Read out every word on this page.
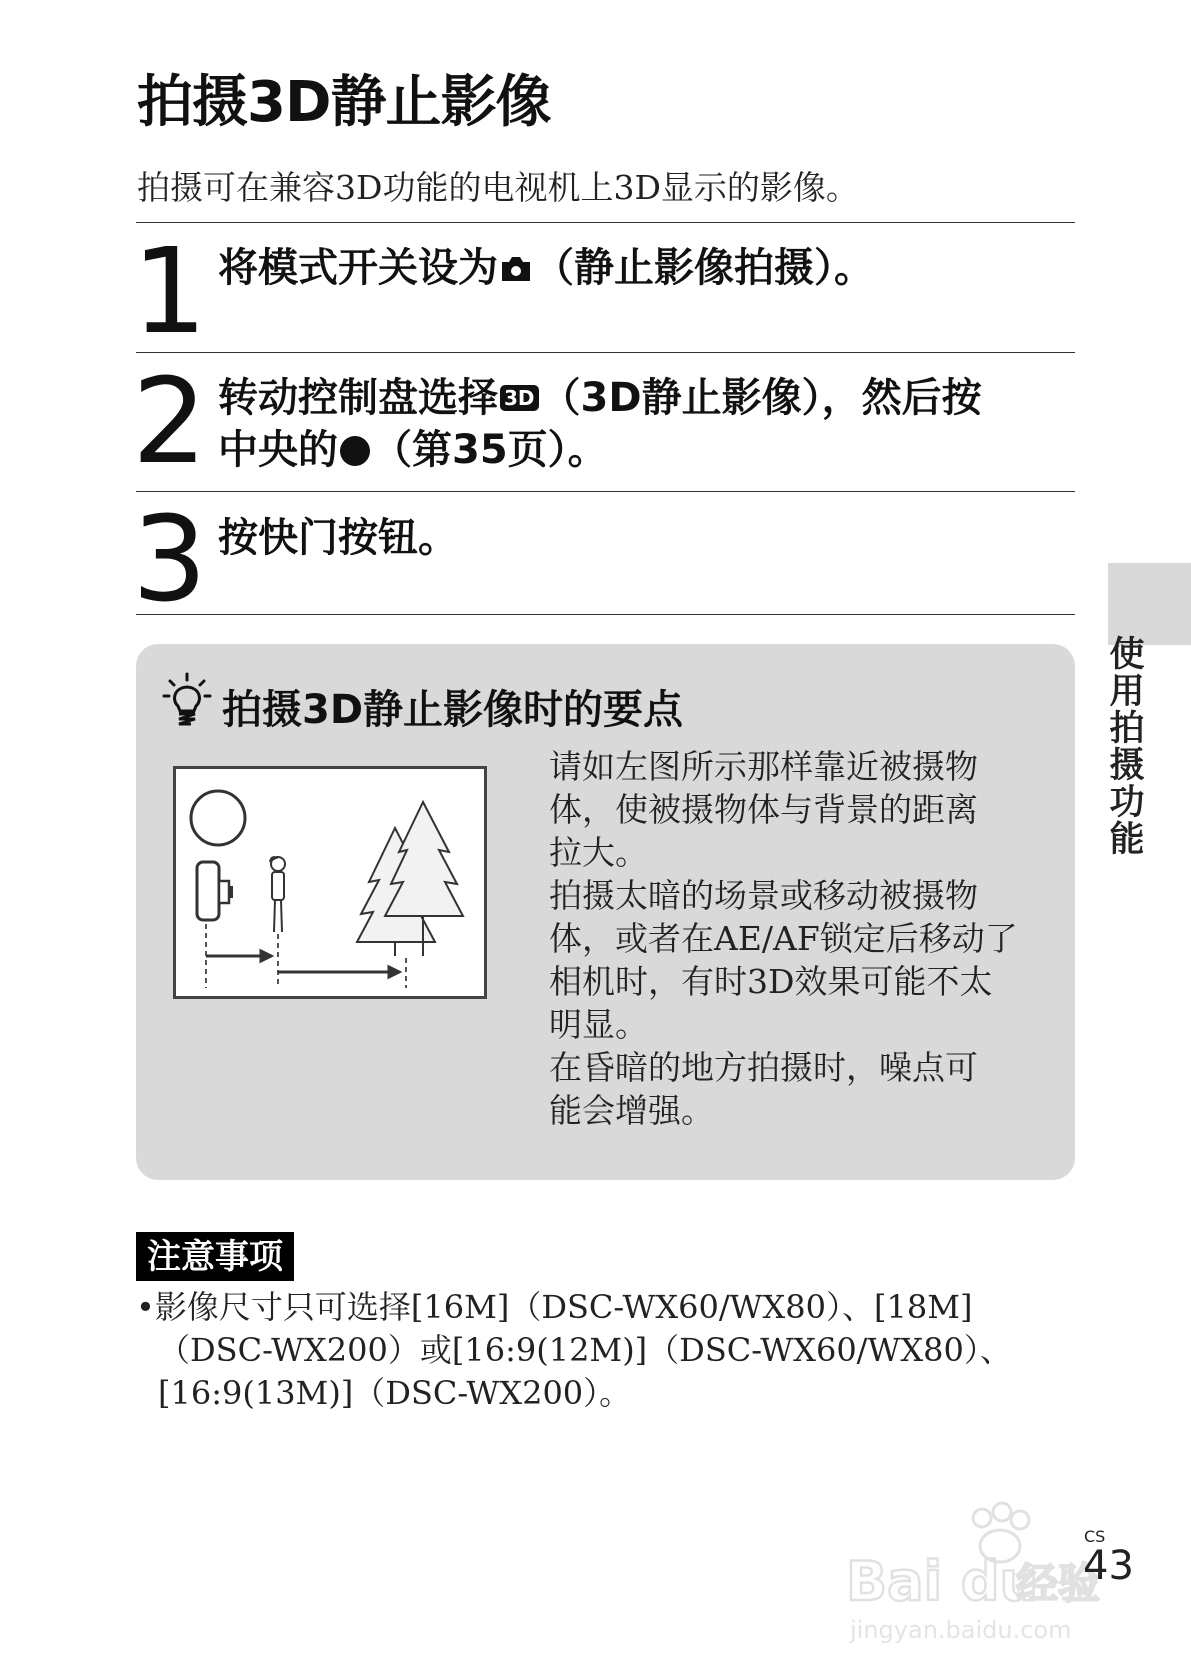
拍摄3D静止影像
拍摄可在兼容3D功能的电视机上3D显示的影像。
1 将模式开关设为 （静止影像拍摄）。
2 转动控制盘选择 3D （3D静止影像），然后按
中央的 （第35页）。
3 按快门按钮。
使用拍摄功能
拍摄3D静止影像时的要点
请如左图所示那样靠近被摄物
体，使被摄物体与背景的距离
拉大。
拍摄太暗的场景或移动被摄物
体，或者在AE/AF锁定后移动了
相机时，有时3D效果可能不太
明显。
在昏暗的地方拍摄时，噪点可
能会增强。
注意事项
•影像尺寸只可选择[16M]（DSC-WX60/WX80）、[18M]
（DSC-WX200）或[16:9(12M)]（DSC-WX60/WX80）、
[16:9(13M)]（DSC-WX200）。
Bai du
经验
jingyan.baidu.com
CS
43
